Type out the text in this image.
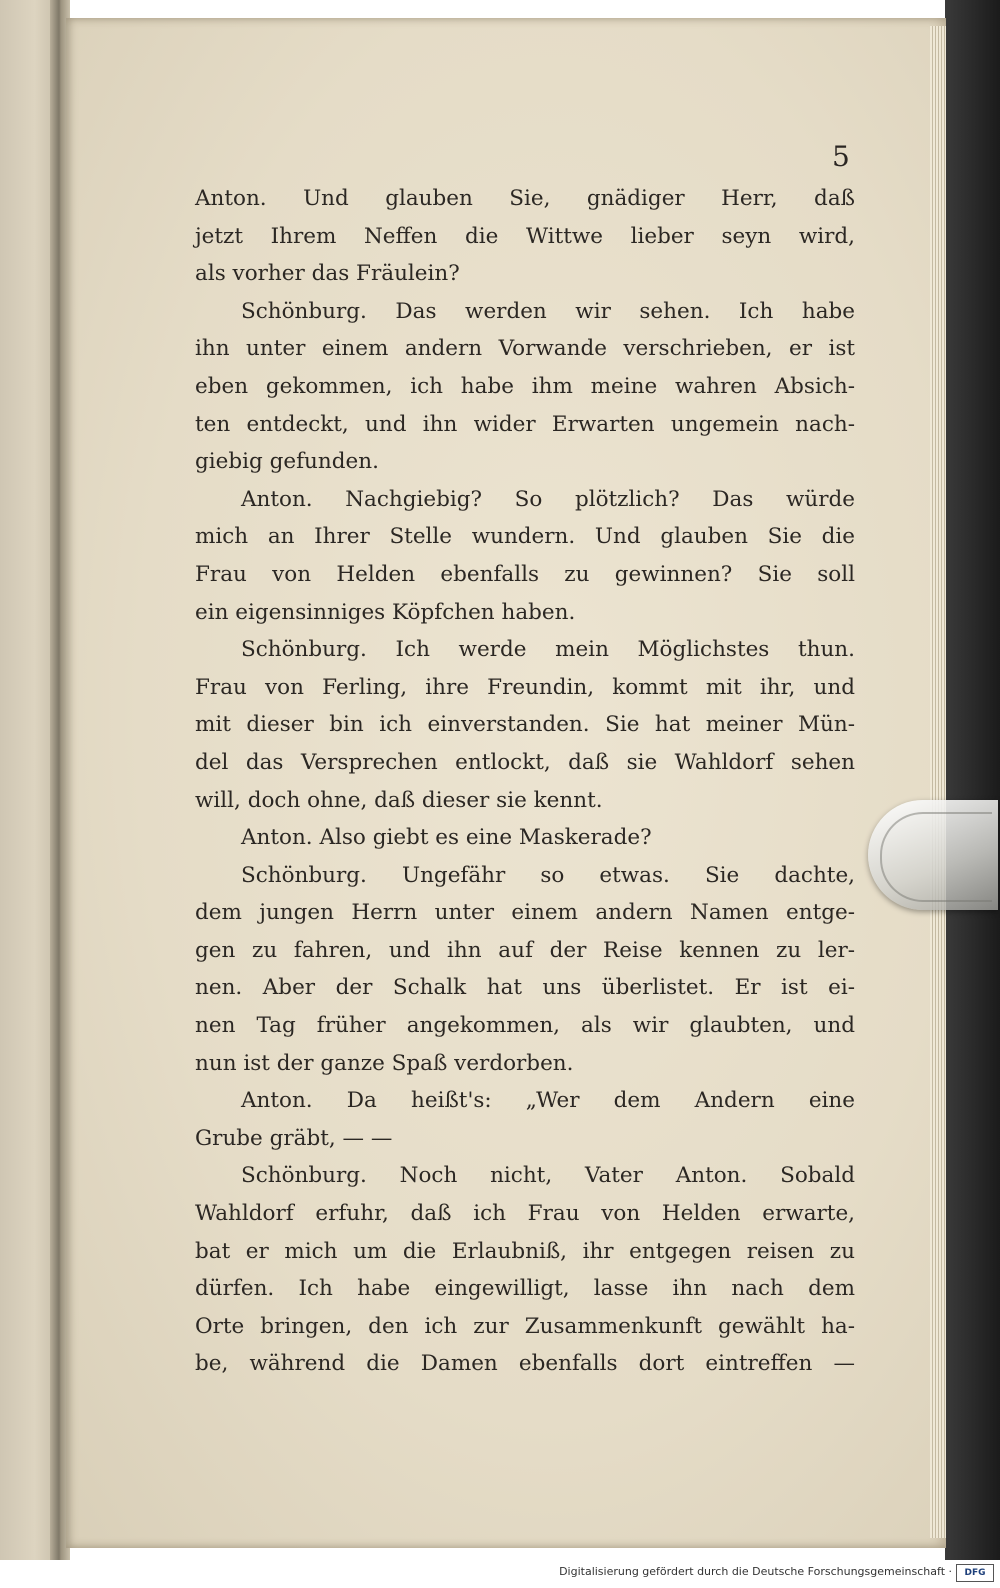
5
Anton. Und glauben Sie, gnädiger Herr, daß
jetzt Ihrem Neffen die Wittwe lieber seyn wird,
als vorher das Fräulein?
Schönburg. Das werden wir sehen. Ich habe
ihn unter einem andern Vorwande verschrieben, er ist
eben gekommen, ich habe ihm meine wahren Absich-
ten entdeckt, und ihn wider Erwarten ungemein nach-
giebig gefunden.
Anton. Nachgiebig? So plötzlich? Das würde
mich an Ihrer Stelle wundern. Und glauben Sie die
Frau von Helden ebenfalls zu gewinnen? Sie soll
ein eigensinniges Köpfchen haben.
Schönburg. Ich werde mein Möglichstes thun.
Frau von Ferling, ihre Freundin, kommt mit ihr, und
mit dieser bin ich einverstanden. Sie hat meiner Mün-
del das Versprechen entlockt, daß sie Wahldorf sehen
will, doch ohne, daß dieser sie kennt.
Anton. Also giebt es eine Maskerade?
Schönburg. Ungefähr so etwas. Sie dachte,
dem jungen Herrn unter einem andern Namen entge-
gen zu fahren, und ihn auf der Reise kennen zu ler-
nen. Aber der Schalk hat uns überlistet. Er ist ei-
nen Tag früher angekommen, als wir glaubten, und
nun ist der ganze Spaß verdorben.
Anton. Da heißt's: „Wer dem Andern eine
Grube gräbt, — —
Schönburg. Noch nicht, Vater Anton. Sobald
Wahldorf erfuhr, daß ich Frau von Helden erwarte,
bat er mich um die Erlaubniß, ihr entgegen reisen zu
dürfen. Ich habe eingewilligt, lasse ihn nach dem
Orte bringen, den ich zur Zusammenkunft gewählt ha-
be, während die Damen ebenfalls dort eintreffen —
Digitalisierung gefördert durch die Deutsche Forschungsgemeinschaft ·	DFG
